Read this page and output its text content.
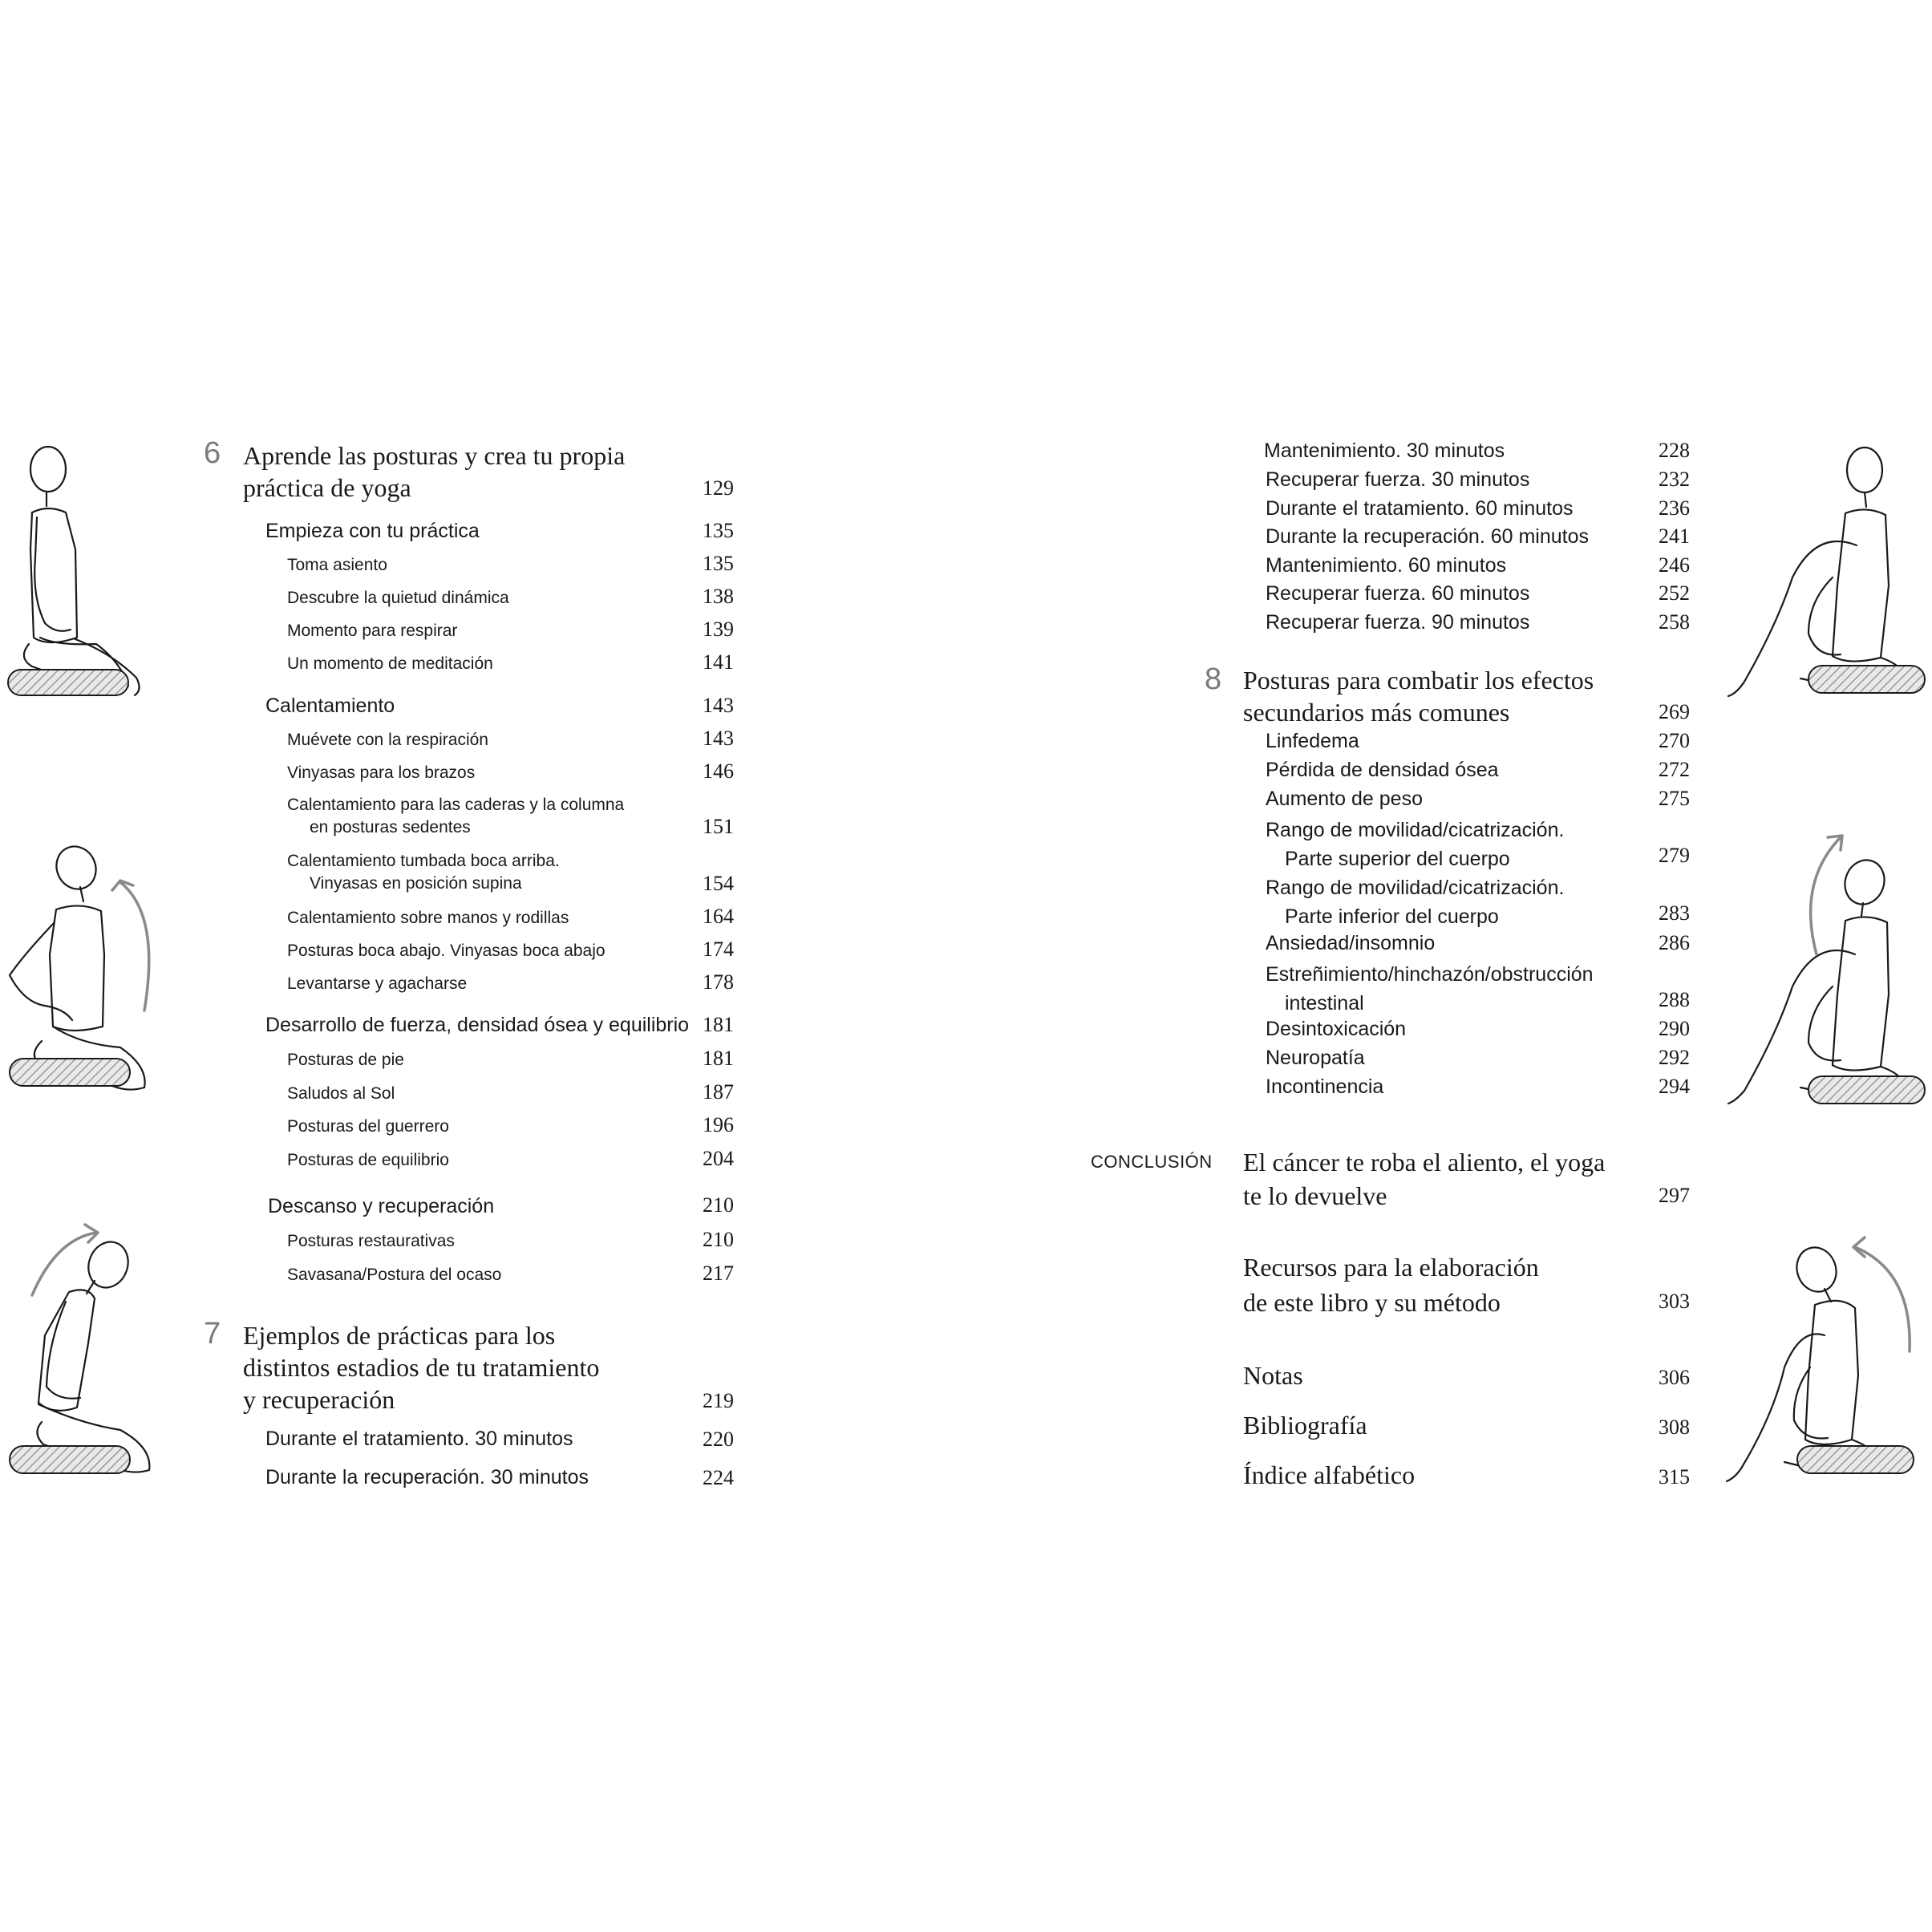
6 Aprende las posturas y crea tu propia
práctica de yoga	129
Empieza con tu práctica	135
Toma asiento	135
Descubre la quietud dinámica	138
Momento para respirar	139
Un momento de meditación	141
Calentamiento	143
Muévete con la respiración	143
Vinyasas para los brazos	146
Calentamiento para las caderas y la columna
en posturas sedentes	151
Calentamiento tumbada boca arriba.
Vinyasas en posición supina	154
Calentamiento sobre manos y rodillas	164
Posturas boca abajo. Vinyasas boca abajo	174
Levantarse y agacharse	178
Desarrollo de fuerza, densidad ósea y equilibrio 181
Posturas de pie	181
Saludos al Sol	187
Posturas del guerrero	196
Posturas de equilibrio	204
Descanso y recuperación	210
Posturas restaurativas	210
Savasana/Postura del ocaso	217
7 Ejemplos de prácticas para los
distintos estadios de tu tratamiento
y recuperación	219
Durante el tratamiento. 30 minutos	220
Durante la recuperación. 30 minutos	224
Mantenimiento. 30 minutos	228
Recuperar fuerza. 30 minutos	232
Durante el tratamiento. 60 minutos	236
Durante la recuperación. 60 minutos	241
Mantenimiento. 60 minutos	246
Recuperar fuerza. 60 minutos	252
Recuperar fuerza. 90 minutos	258
8 Posturas para combatir los efectos
secundarios más comunes	269
Linfedema	270
Pérdida de densidad ósea	272
Aumento de peso	275
Rango de movilidad/cicatrización.
Parte superior del cuerpo	279
Rango de movilidad/cicatrización.
Parte inferior del cuerpo	283
Ansiedad/insomnio	286
Estreñimiento/hinchazón/obstrucción
intestinal	288
Desintoxicación	290
Neuropatía	292
Incontinencia	294
CONCLUSIÓN El cáncer te roba el aliento, el yoga
te lo devuelve	297
Recursos para la elaboración
de este libro y su método	303
Notas	306
Bibliografía	308
Índice alfabético	315
